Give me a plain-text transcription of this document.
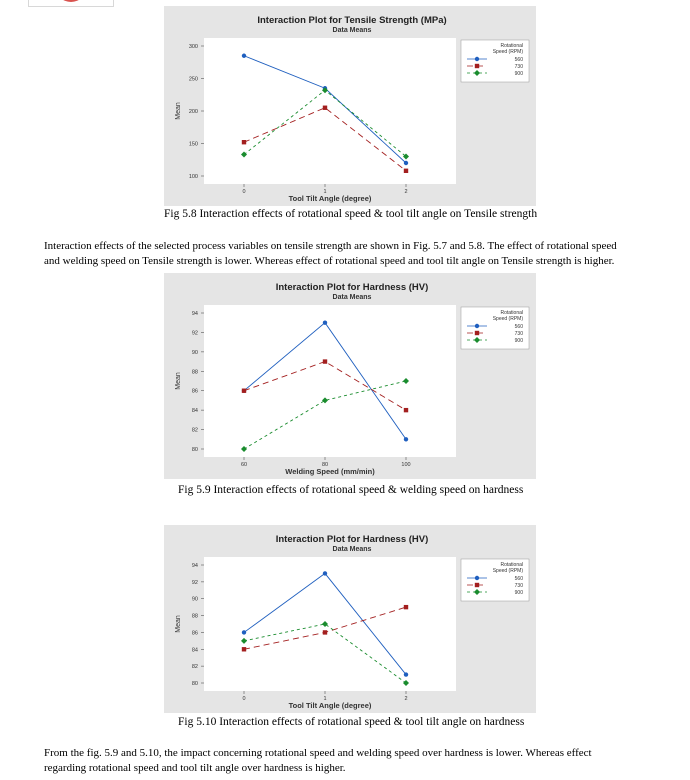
Interaction Plot for Tensile Strength (MPa)
Data Means
100
150
200
250
300
0	1	2
Tool Tilt Angle (degree)
Mean
Rotational
Speed (RPM)
560
730
900
Fig 5.8 Interaction effects of rotational speed & tool tilt angle on Tensile strength
Interaction effects of the selected process variables on tensile strength are shown in Fig. 5.7 and 5.8. The effect of rotational speed
and welding speed on Tensile strength is lower. Whereas effect of rotational speed and tool tilt angle on Tensile strength is higher.
Interaction Plot for Hardness (HV)
Data Means
80
82
84
86
88
90
92
94
60	80	100
Welding Speed (mm/min)
Mean
Rotational
Speed (RPM)
560
730
900
Fig 5.9 Interaction effects of rotational speed & welding speed on hardness
Interaction Plot for Hardness (HV)
Data Means
80
82
84
86
88
90
92
94
0	1	2
Tool Tilt Angle (degree)
Mean
Rotational
Speed (RPM)
560
730
900
Fig 5.10 Interaction effects of rotational speed & tool tilt angle on hardness
From the fig. 5.9 and 5.10, the impact concerning rotational speed and welding speed over hardness is lower. Whereas effect
regarding rotational speed and tool tilt angle over hardness is higher.
